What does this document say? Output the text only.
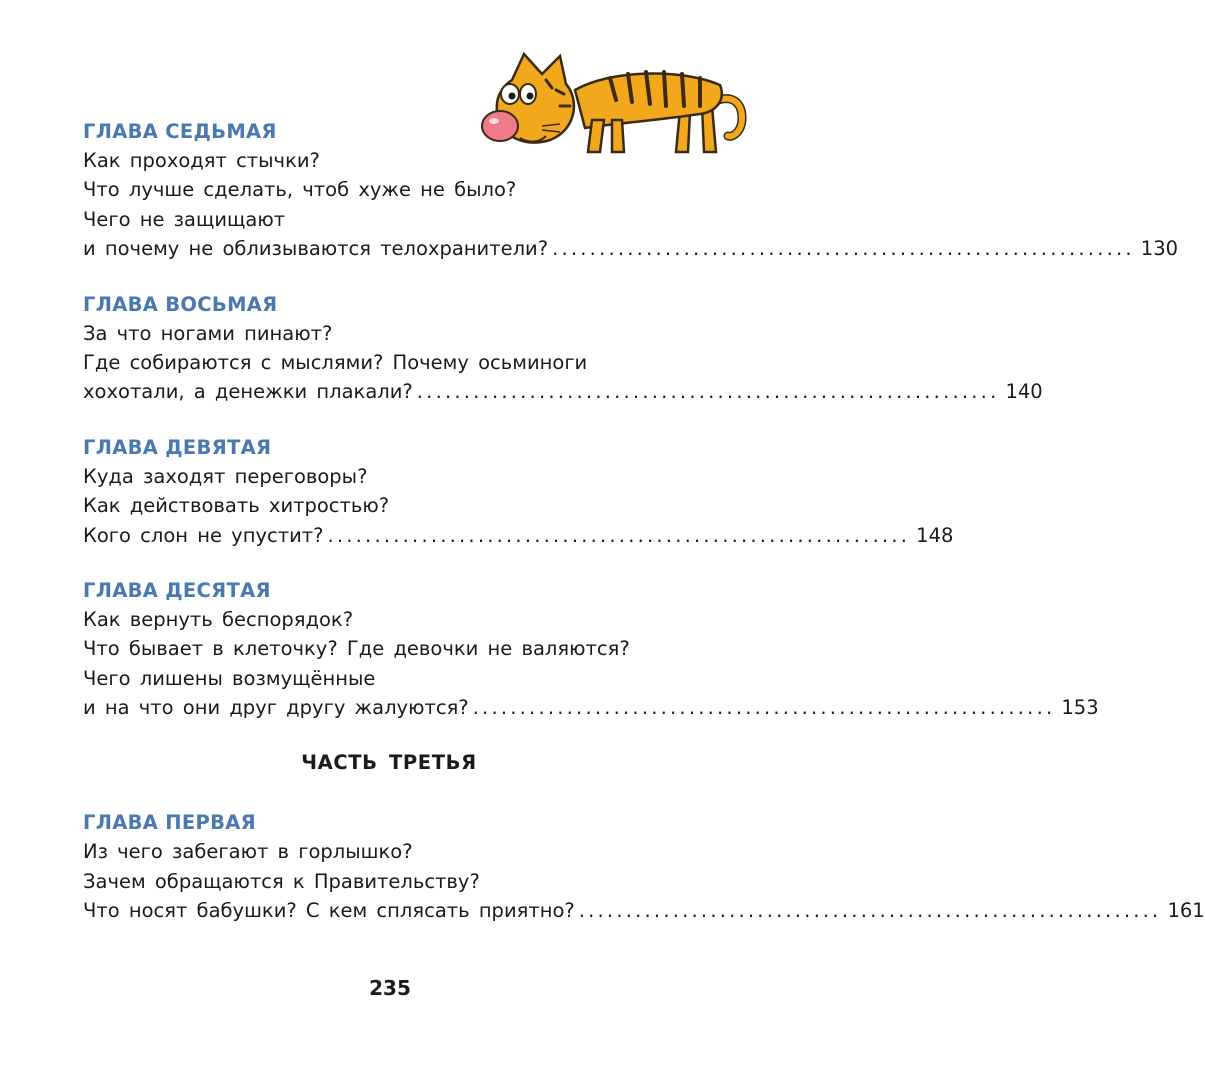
ГЛАВА СЕДЬМАЯ
Как проходят стычки?
Что лучше сделать, чтоб хуже не было?
Чего не защищают
и почему не облизываются телохранители? .............................................................. 130
ГЛАВА ВОСЬМАЯ
За что ногами пинают?
Где собираются с мыслями? Почему осьминоги
хохотали, а денежки плакали? .............................................................. 140
ГЛАВА ДЕВЯТАЯ
Куда заходят переговоры?
Как действовать хитростью?
Кого слон не упустит? .............................................................. 148
ГЛАВА ДЕСЯТАЯ
Как вернуть беспорядок?
Что бывает в клеточку? Где девочки не валяются?
Чего лишены возмущённые
и на что они друг другу жалуются? .............................................................. 153
ЧАСТЬ ТРЕТЬЯ
ГЛАВА ПЕРВАЯ
Из чего забегают в горлышко?
Зачем обращаются к Правительству?
Что носят бабушки? С кем сплясать приятно? .............................................................. 161
235
